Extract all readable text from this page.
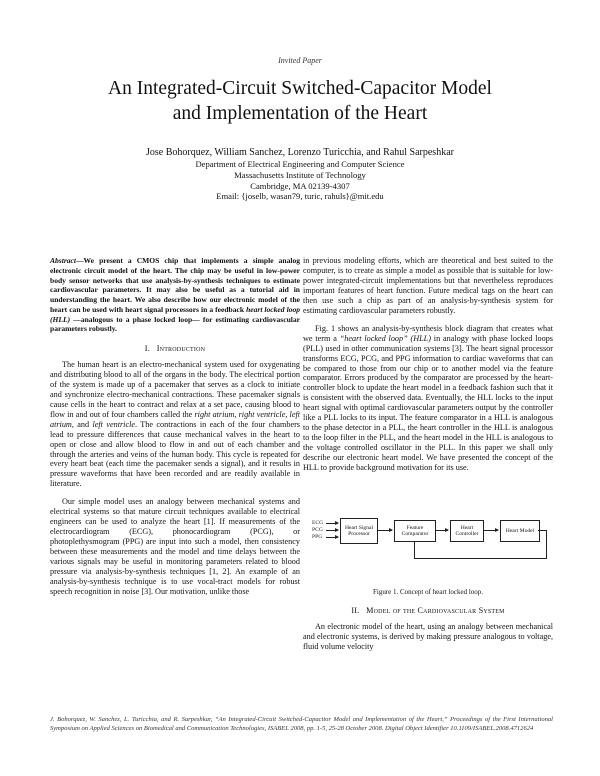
Invited Paper
An Integrated-Circuit Switched-Capacitor Model
and Implementation of the Heart
Jose Bohorquez, William Sanchez, Lorenzo Turicchia, and Rahul Sarpeshkar
Department of Electrical Engineering and Computer Science
Massachusetts Institute of Technology
Cambridge, MA 02139-4307
Email: {joselb, wasan79, turic, rahuls}@mit.edu

Abstract—We present a CMOS chip that implements a simple analog electronic circuit model of the heart. The chip may be useful in low-power body sensor networks that use analysis-by-synthesis techniques to estimate cardiovascular parameters. It may also be useful as a tutorial aid in understanding the heart. We also describe how our electronic model of the heart can be used with heart signal processors in a feedback heart locked loop (HLL) —analogous to a phase locked loop— for estimating cardiovascular parameters robustly.

I. Introduction

The human heart is an electro-mechanical system used for oxygenating and distributing blood to all of the organs in the body. The electrical portion of the system is made up of a pacemaker that serves as a clock to initiate and synchronize electro-mechanical contractions. These pacemaker signals cause cells in the heart to contract and relax at a set pace, causing blood to flow in and out of four chambers called the right atrium, right ventricle, left atrium, and left ventricle. The contractions in each of the four chambers lead to pressure differences that cause mechanical valves in the heart to open or close and allow blood to flow in and out of each chamber and through the arteries and veins of the human body. This cycle is repeated for every heart beat (each time the pacemaker sends a signal), and it results in pressure waveforms that have been recorded and are readily available in literature.

Our simple model uses an analogy between mechanical systems and electrical systems so that mature circuit techniques available to electrical engineers can be used to analyze the heart [1]. If measurements of the electrocardiogram (ECG), phonocardiogram (PCG), or photoplethysmogram (PPG) are input into such a model, then consistency between these measurements and the model and time delays between the various signals may be useful in monitoring parameters related to blood pressure via analysis-by-synthesis techniques [1, 2]. An example of an analysis-by-synthesis technique is to use vocal-tract models for robust speech recognition in noise [3]. Our motivation, unlike those

in previous modeling efforts, which are theoretical and best suited to the computer, is to create as simple a model as possible that is suitable for low-power integrated-circuit implementations but that nevertheless reproduces important features of heart function. Future medical tags on the heart can then use such a chip as part of an analysis-by-synthesis system for estimating cardiovascular parameters robustly.

Fig. 1 shows an analysis-by-synthesis block diagram that creates what we term a “heart locked loop” (HLL) in analogy with phase locked loops (PLL) used in other communication systems [3]. The heart signal processor transforms ECG, PCG, and PPG information to cardiac waveforms that can be compared to those from our chip or to another model via the feature comparator. Errors produced by the comparator are processed by the heart-controller block to update the heart model in a feedback fashion such that it is consistent with the observed data. Eventually, the HLL locks to the input heart signal with optimal cardiovascular parameters output by the controller like a PLL locks to its input. The feature comparator in a HLL is analogous to the phase detector in a PLL, the heart controller in the HLL is analogous to the loop filter in the PLL, and the heart model in the HLL is analogous to the voltage controlled oscillator in the PLL. In this paper we shall only describe our electronic heart model. We have presented the concept of the HLL to provide background motivation for its use.

ECG
PCG
PPG
Heart Signal Processor
Feature Comparator
Heart Controller
Heart Model
Figure 1. Concept of heart locked loop.
II. Model of the Cardiovascular System

An electronic model of the heart, using an analogy between mechanical and electronic systems, is derived by making pressure analogous to voltage, fluid volume velocity

J. Bohorquez, W. Sanchez, L. Turicchia, and R. Sarpeshkar, “An Integrated-Circuit Switched-Capacitor Model and Implementation of the Heart,” Proceedings of the First International Symposium on Applied Sciences on Biomedical and Communication Technologies, ISABEL 2008, pp. 1-5, 25-28 October 2008. Digital Object Identifier 10.1109/ISABEL.2008.4712624
